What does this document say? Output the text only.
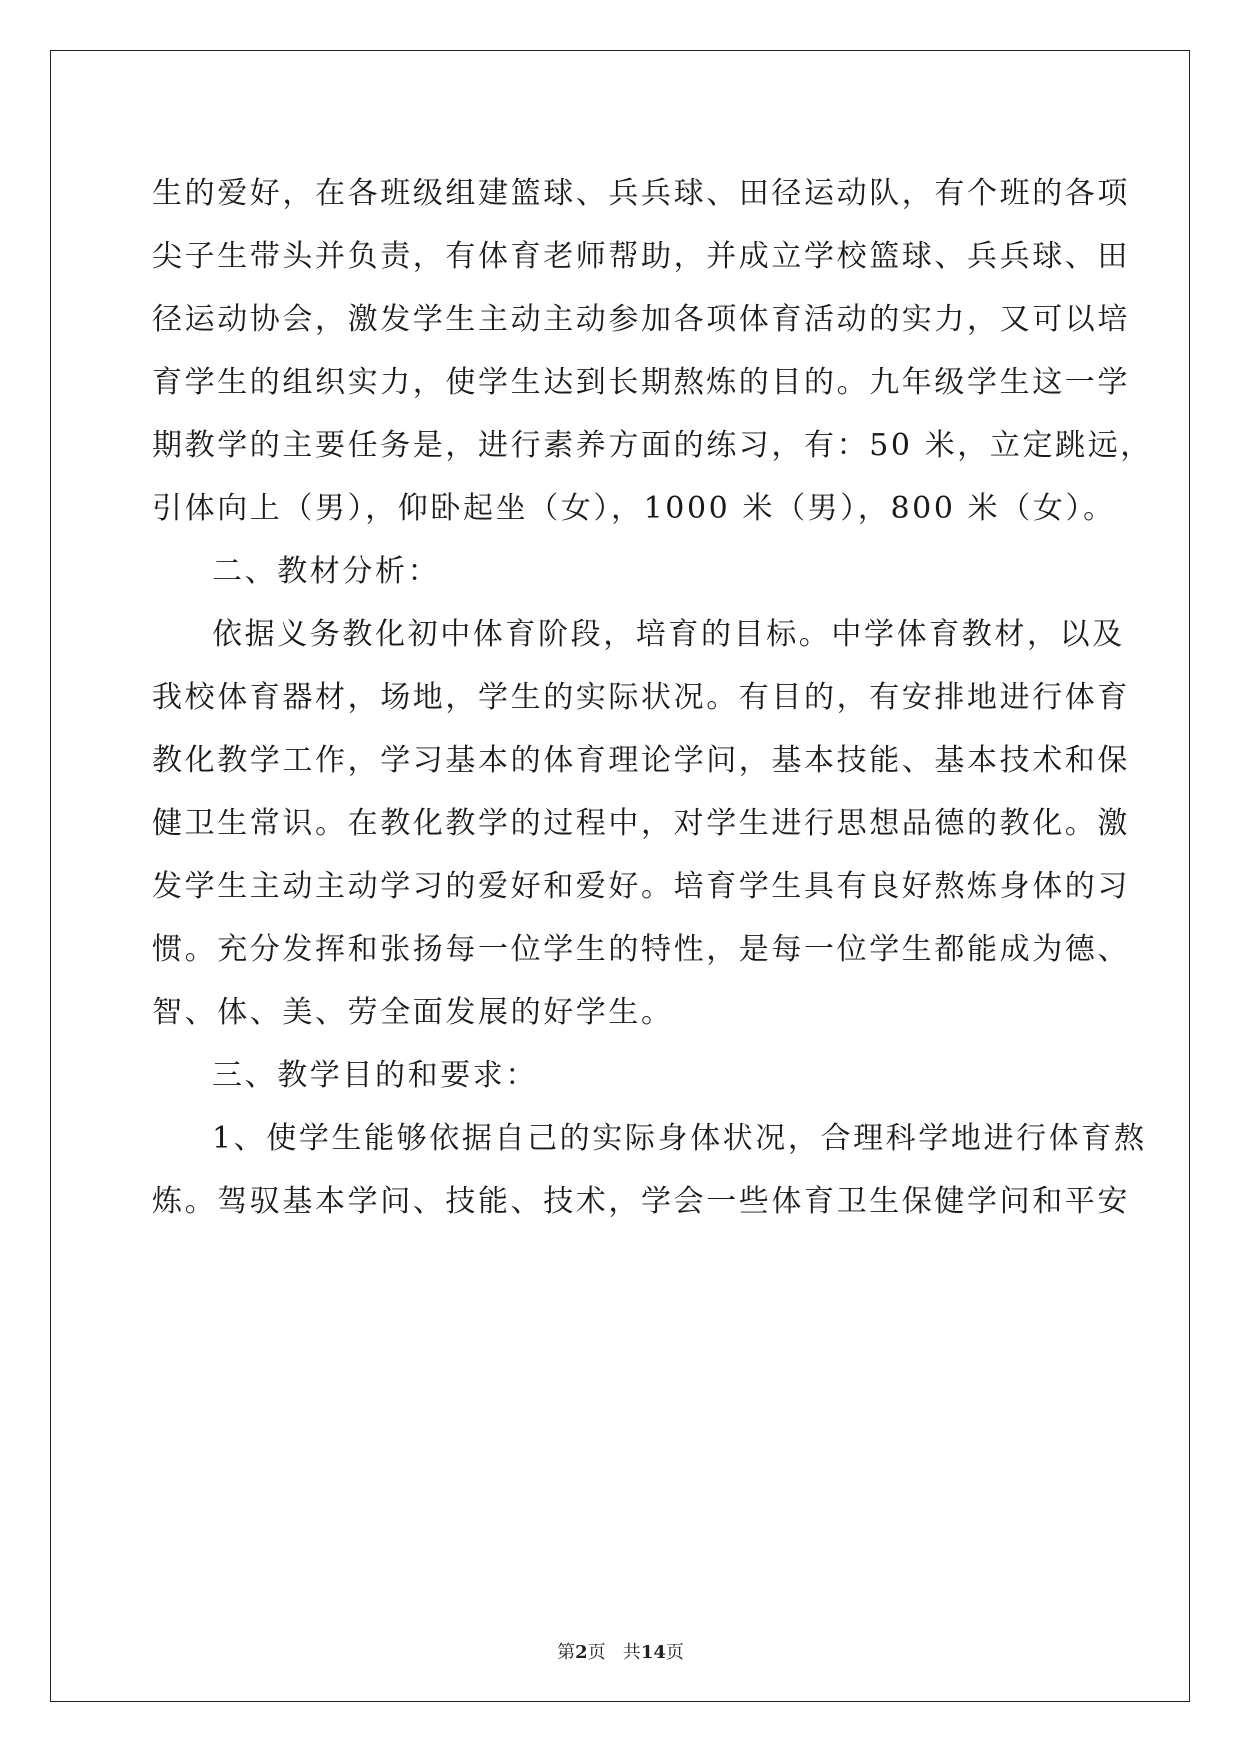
生的爱好，在各班级组建篮球、兵兵球、田径运动队，有个班的各项
尖子生带头并负责，有体育老师帮助，并成立学校篮球、兵兵球、田
径运动协会，激发学生主动主动参加各项体育活动的实力，又可以培
育学生的组织实力，使学生达到长期熬炼的目的。九年级学生这一学
期教学的主要任务是，进行素养方面的练习，有：50 米，立定跳远，
引体向上（男），仰卧起坐（女），1000 米（男），800 米（女）。
二、教材分析：
依据义务教化初中体育阶段，培育的目标。中学体育教材，以及
我校体育器材，场地，学生的实际状况。有目的，有安排地进行体育
教化教学工作，学习基本的体育理论学问，基本技能、基本技术和保
健卫生常识。在教化教学的过程中，对学生进行思想品德的教化。激
发学生主动主动学习的爱好和爱好。培育学生具有良好熬炼身体的习
惯。充分发挥和张扬每一位学生的特性，是每一位学生都能成为德、
智、体、美、劳全面发展的好学生。
三、教学目的和要求：
1、使学生能够依据自己的实际身体状况，合理科学地进行体育熬
炼。驾驭基本学问、技能、技术，学会一些体育卫生保健学问和平安
第2页   共14页
